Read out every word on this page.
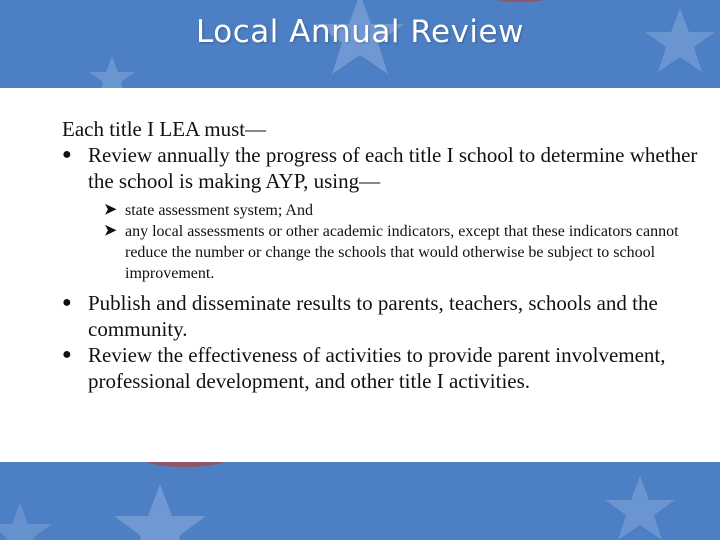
Local Annual Review

Each title I LEA must—

● Review annually the progress of each title I school to determine whether the school is making AYP, using—
➤ state assessment system; And
➤ any local assessments or other academic indicators, except that these indicators cannot reduce the number or change the schools that would otherwise be subject to school improvement.
● Publish and disseminate results to parents, teachers, schools and the community.
● Review the effectiveness of activities to provide parent involvement, professional development, and other title I activities.
